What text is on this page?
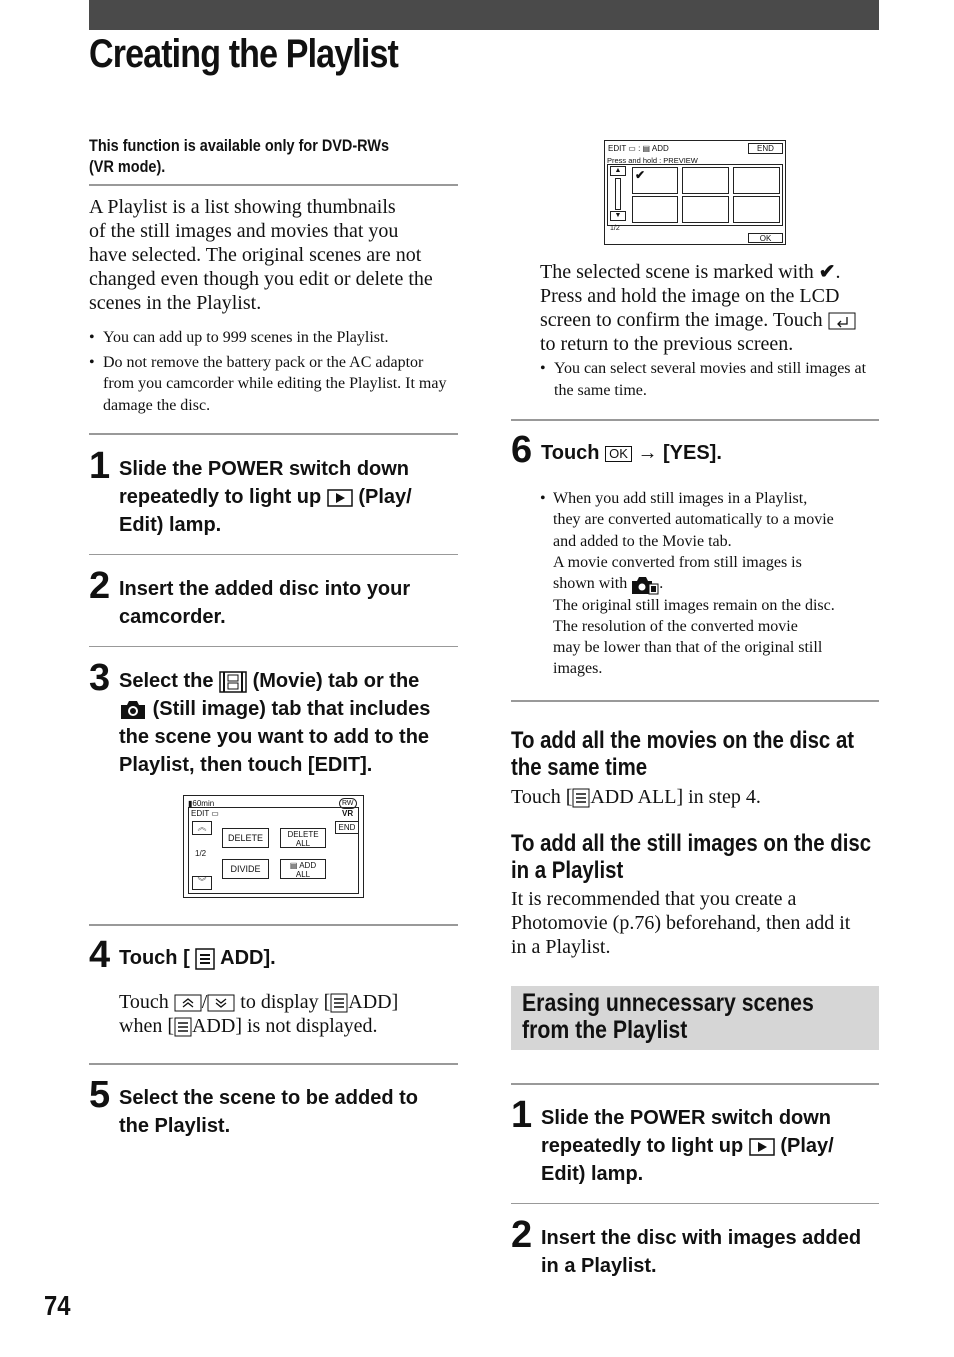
Creating the Playlist
This function is available only for DVD-RWs
(VR mode).
A Playlist is a list showing thumbnails
of the still images and movies that you
have selected. The original scenes are not
changed even though you edit or delete the
scenes in the Playlist.
• You can add up to 999 scenes in the Playlist.
• Do not remove the battery pack or the AC adaptor from you camcorder while editing the Playlist. It may damage the disc.
1 Slide the POWER switch down
repeatedly to light up (Play/
Edit) lamp.
2 Insert the added disc into your
camcorder.
3 Select the (Movie) tab or the
(Still image) tab that includes
the scene you want to add to the
Playlist, then touch [EDIT].
▮60min	RW
EDIT ▭	VR
END
︽
1/2
︾
DELETE	DELETE
ALL
DIVIDE	▤ ADD
ALL
4 Touch [ ADD].
Touch / to display [ ADD]
when [ ADD] is not displayed.
5 Select the scene to be added to
the Playlist.
EDIT ▭ : ▤ ADD	END
Press and hold : PREVIEW
▲
▼
✔
1/2
OK
The selected scene is marked with ✔.
Press and hold the image on the LCD
screen to confirm the image. Touch
to return to the previous screen.
• You can select several movies and still images at the same time.
6 Touch OK → [YES].
• When you add still images in a Playlist,
they are converted automatically to a movie
and added to the Movie tab.
A movie converted from still images is
shown with .
The original still images remain on the disc.
The resolution of the converted movie
may be lower than that of the original still
images.
To add all the movies on the disc at
the same time
Touch [ ADD ALL] in step 4.
To add all the still images on the disc
in a Playlist
It is recommended that you create a
Photomovie (p.76) beforehand, then add it
in a Playlist.
Erasing unnecessary scenes
from the Playlist
1 Slide the POWER switch down
repeatedly to light up (Play/
Edit) lamp.
2 Insert the disc with images added
in a Playlist.
74
